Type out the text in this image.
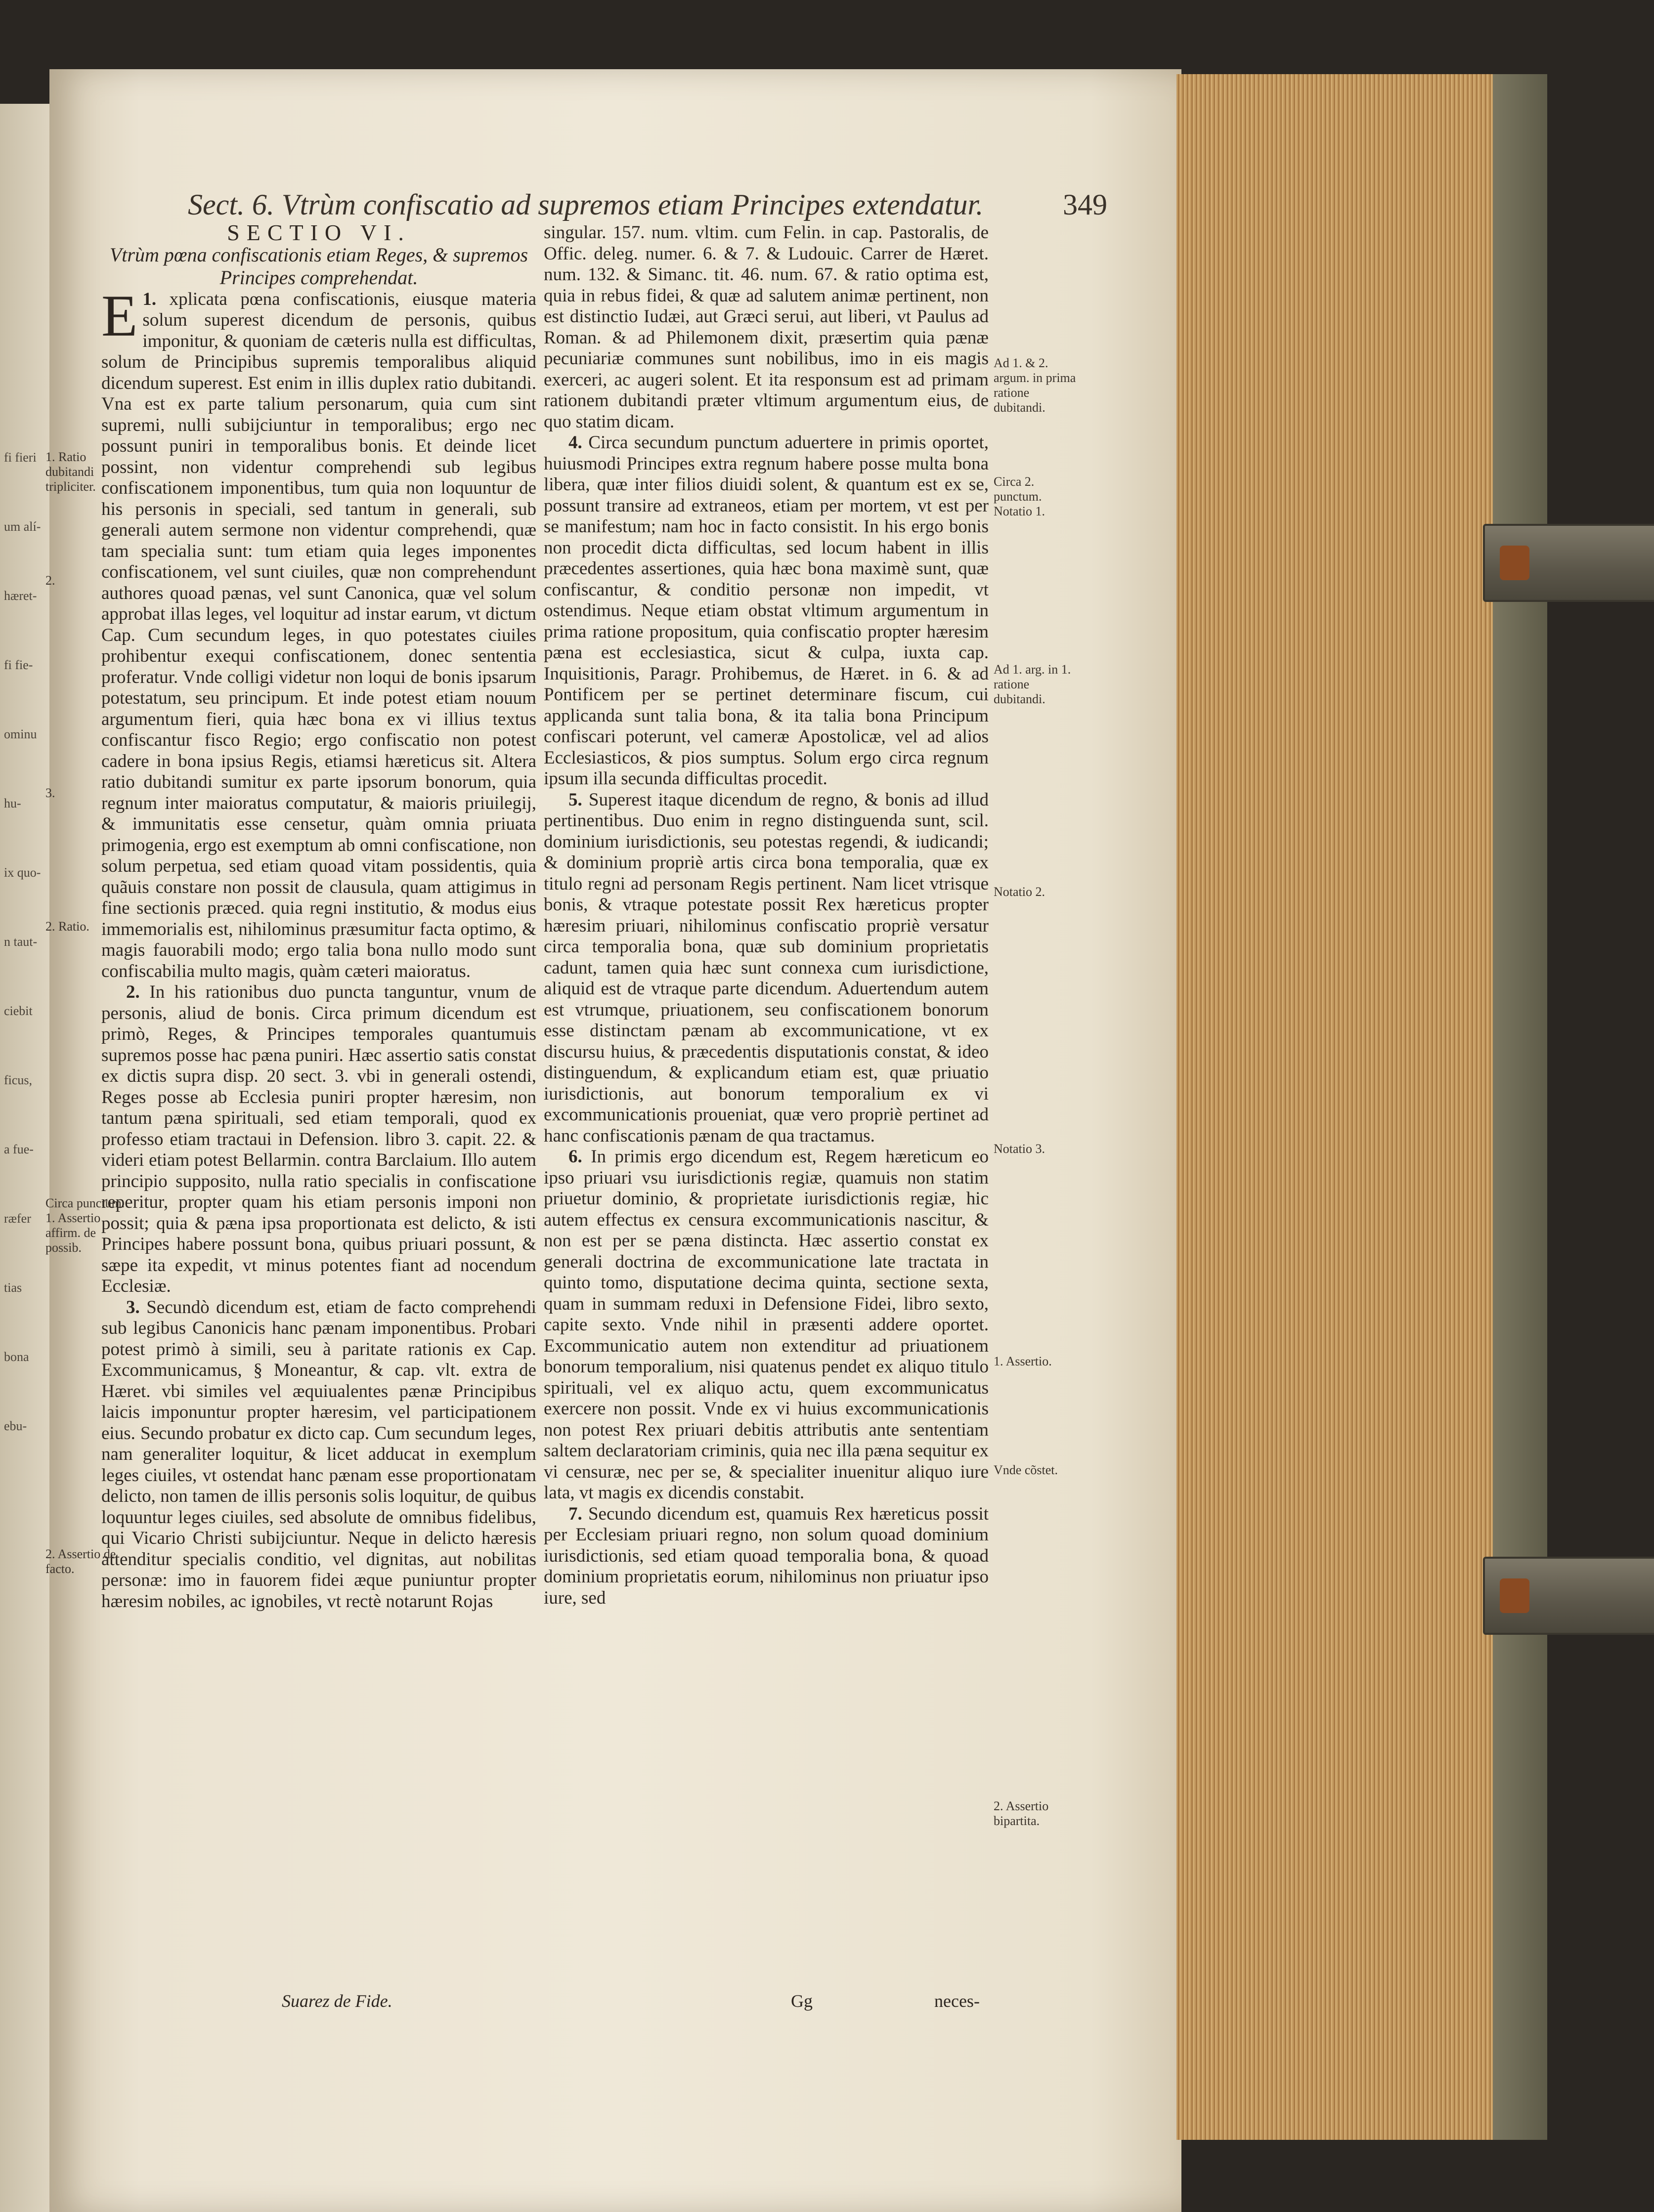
fi fieri
um alí-
hæret-
fi fie-
ominu
hu-
ix quo-
n taut-
ciebit
ficus,
a fue-
ræfer
tias
bona
ebu-
Sect. 6. Vtrùm confiscatio ad supremos etiam Principes extendatur.	349

SECTIO VI.

Vtrùm pœna confiscationis etiam Reges, & supremos Principes comprehendat.

1.
E xplicata pœna confiscationis, eiusque materia solum superest dicendum de personis, quibus imponitur, & quoniam de cæteris nulla est difficultas, solum de Principibus supremis temporalibus aliquid dicendum superest. Est enim in illis duplex ratio dubitandi. Vna est ex parte talium personarum, quia cum sint supremi, nulli subijciuntur in temporalibus; ergo nec possunt puniri in temporalibus bonis. Et deinde licet possint, non videntur comprehendi sub legibus confiscationem imponentibus, tum quia non loquuntur de his personis in speciali, sed tantum in generali, sub generali autem sermone non videntur comprehendi, quæ tam specialia sunt: tum etiam quia leges imponentes confiscationem, vel sunt ciuiles, quæ non comprehendunt authores quoad pænas, vel sunt Canonica, quæ vel solum approbat illas leges, vel loquitur ad instar earum, vt dictum Cap. Cum secundum leges, in quo potestates ciuiles prohibentur exequi confiscationem, donec sententia proferatur. Vnde colligi videtur non loqui de bonis ipsarum potestatum, seu principum. Et inde potest etiam nouum argumentum fieri, quia hæc bona ex vi illius textus confiscantur fisco Regio; ergo confiscatio non potest cadere in bona ipsius Regis, etiamsi hæreticus sit. Altera ratio dubitandi sumitur ex parte ipsorum bonorum, quia regnum inter maioratus computatur, & maioris priuilegij, & immunitatis esse censetur, quàm omnia priuata primogenia, ergo est exemptum ab omni confiscatione, non solum perpetua, sed etiam quoad vitam possidentis, quia quãuis constare non possit de clausula, quam attigimus in fine sectionis præced. quia regni institutio, & modus eius immemorialis est, nihilominus præsumitur facta optimo, & magis fauorabili modo; ergo talia bona nullo modo sunt confiscabilia multo magis, quàm cæteri maioratus.

2. In his rationibus duo puncta tanguntur, vnum de personis, aliud de bonis. Circa primum dicendum est primò, Reges, & Principes temporales quantumuis supremos posse hac pæna puniri. Hæc assertio satis constat ex dictis supra disp. 20 sect. 3. vbi in generali ostendi, Reges posse ab Ecclesia puniri propter hæresim, non tantum pæna spirituali, sed etiam temporali, quod ex professo etiam tractaui in Defension. libro 3. capit. 22. & videri etiam potest Bellarmin. contra Barclaium. Illo autem principio supposito, nulla ratio specialis in confiscatione reperitur, propter quam his etiam personis imponi non possit; quia & pæna ipsa proportionata est delicto, & isti Principes habere possunt bona, quibus priuari possunt, & sæpe ita expedit, vt minus potentes fiant ad nocendum Ecclesiæ.

3. Secundò dicendum est, etiam de facto comprehendi sub legibus Canonicis hanc pænam imponentibus. Probari potest primò à simili, seu à paritate rationis ex Cap. Excommunicamus, § Moneantur, & cap. vlt. extra de Hæret. vbi similes vel æquiualentes pænæ Principibus laicis imponuntur propter hæresim, vel participationem eius. Secundo probatur ex dicto cap. Cum secundum leges, nam generaliter loquitur, & licet adducat in exemplum leges ciuiles, vt ostendat hanc pænam esse proportionatam delicto, non tamen de illis personis solis loquitur, de quibus loquuntur leges ciuiles, sed absolute de omnibus fidelibus, qui Vicario Christi subijciuntur. Neque in delicto hæresis attenditur specialis conditio, vel dignitas, aut nobilitas personæ: imo in fauorem fidei æque puniuntur propter hæresim nobiles, ac ignobiles, vt rectè notarunt Rojas

singular. 157. num. vltim. cum Felin. in cap. Pastoralis, de Offic. deleg. numer. 6. & 7. & Ludouic. Carrer de Hæret. num. 132. & Simanc. tit. 46. num. 67. & ratio optima est, quia in rebus fidei, & quæ ad salutem animæ pertinent, non est distinctio Iudæi, aut Græci serui, aut liberi, vt Paulus ad Roman. & ad Philemonem dixit, præsertim quia pænæ pecuniariæ communes sunt nobilibus, imo in eis magis exerceri, ac augeri solent. Et ita responsum est ad primam rationem dubitandi præter vltimum argumentum eius, de quo statim dicam.

4. Circa secundum punctum aduertere in primis oportet, huiusmodi Principes extra regnum habere posse multa bona libera, quæ inter filios diuidi solent, & quantum est ex se, possunt transire ad extraneos, etiam per mortem, vt est per se manifestum; nam hoc in facto consistit. In his ergo bonis non procedit dicta difficultas, sed locum habent in illis præcedentes assertiones, quia hæc bona maximè sunt, quæ confiscantur, & conditio personæ non impedit, vt ostendimus. Neque etiam obstat vltimum argumentum in prima ratione propositum, quia confiscatio propter hæresim pæna est ecclesiastica, sicut & culpa, iuxta cap. Inquisitionis, Paragr. Prohibemus, de Hæret. in 6. & ad Pontificem per se pertinet determinare fiscum, cui applicanda sunt talia bona, & ita talia bona Principum confiscari poterunt, vel cameræ Apostolicæ, vel ad alios Ecclesiasticos, & pios sumptus. Solum ergo circa regnum ipsum illa secunda difficultas procedit.

5. Superest itaque dicendum de regno, & bonis ad illud pertinentibus. Duo enim in regno distinguenda sunt, scil. dominium iurisdictionis, seu potestas regendi, & iudicandi; & dominium propriè artis circa bona temporalia, quæ ex titulo regni ad personam Regis pertinent. Nam licet vtrisque bonis, & vtraque potestate possit Rex hæreticus propter hæresim priuari, nihilominus confiscatio propriè versatur circa temporalia bona, quæ sub dominium proprietatis cadunt, tamen quia hæc sunt connexa cum iurisdictione, aliquid est de vtraque parte dicendum. Aduertendum autem est vtrumque, priuationem, seu confiscationem bonorum esse distinctam pænam ab excommunicatione, vt ex discursu huius, & præcedentis disputationis constat, & ideo distinguendum, & explicandum etiam est, quæ priuatio iurisdictionis, aut bonorum temporalium ex vi excommunicationis proueniat, quæ vero propriè pertinet ad hanc confiscationis pænam de qua tractamus.

6. In primis ergo dicendum est, Regem hæreticum eo ipso priuari vsu iurisdictionis regiæ, quamuis non statim priuetur dominio, & proprietate iurisdictionis regiæ, hic autem effectus ex censura excommunicationis nascitur, & non est per se pæna distincta. Hæc assertio constat ex generali doctrina de excommunicatione late tractata in quinto tomo, disputatione decima quinta, sectione sexta, quam in summam reduxi in Defensione Fidei, libro sexto, capite sexto. Vnde nihil in præsenti addere oportet. Excommunicatio autem non extenditur ad priuationem bonorum temporalium, nisi quatenus pendet ex aliquo titulo spirituali, vel ex aliquo actu, quem excommunicatus exercere non possit. Vnde ex vi huius excommunicationis non potest Rex priuari debitis attributis ante sententiam saltem declaratoriam criminis, quia nec illa pæna sequitur ex vi censuræ, nec per se, & specialiter inuenitur aliquo iure lata, vt magis ex dicendis constabit.

7. Secundo dicendum est, quamuis Rex hæreticus possit per Ecclesiam priuari regno, non solum quoad dominium iurisdictionis, sed etiam quoad temporalia bona, & quoad dominium proprietatis eorum, nihilominus non priuatur ipso iure, sed

Suarez de Fide.	Gg	neces-
1. Ratio dubitandi tripliciter.
2.
3.
2. Ratio.
Circa punctum. 1. Assertio affirm. de possib.
2. Assertio de facto.
Ad 1. & 2. argum. in prima ratione dubitandi.
Circa 2. punctum. Notatio 1.
Ad 1. arg. in 1. ratione dubitandi.
Notatio 2.
Notatio 3.
1. Assertio.
Vnde cõstet.
2. Assertio bipartita.
